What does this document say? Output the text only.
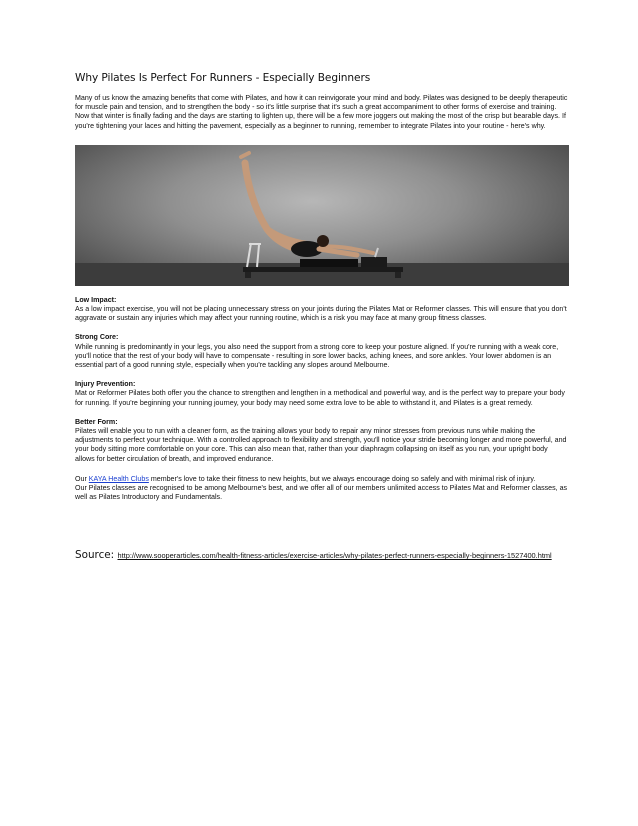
Why Pilates Is Perfect For Runners - Especially Beginners

Many of us know the amazing benefits that come with Pilates, and how it can reinvigorate your mind and body. Pilates was designed to be deeply therapeutic for muscle pain and tension, and to strengthen the body - so it's little surprise that it's such a great accompaniment to other forms of exercise and training.

Now that winter is finally fading and the days are starting to lighten up, there will be a few more joggers out making the most of the crisp but bearable days. If you're tightening your laces and hitting the pavement, especially as a beginner to running, remember to integrate Pilates into your routine - here's why.

Low Impact:

As a low impact exercise, you will not be placing unnecessary stress on your joints during the Pilates Mat or Reformer classes. This will ensure that you don't aggravate or sustain any injuries which may affect your running routine, which is a risk you may face at many group fitness classes.

Strong Core:

While running is predominantly in your legs, you also need the support from a strong core to keep your posture aligned. If you're running with a weak core, you'll notice that the rest of your body will have to compensate - resulting in sore lower backs, aching knees, and sore ankles. Your lower abdomen is an essential part of a good running style, especially when you're tackling any slopes around Melbourne.

Injury Prevention:

Mat or Reformer Pilates both offer you the chance to strengthen and lengthen in a methodical and powerful way, and is the perfect way to prepare your body for running. If you're beginning your running journey, your body may need some extra love to be able to withstand it, and Pilates is a great remedy.

Better Form:

Pilates will enable you to run with a cleaner form, as the training allows your body to repair any minor stresses from previous runs while making the adjustments to perfect your technique. With a controlled approach to flexibility and strength, you'll notice your stride becoming longer and more powerful, and your body sitting more comfortable on your core. This can also mean that, rather than your diaphragm collapsing on itself as you run, your upright body allows for better circulation of breath, and improved endurance.

Our KAYA Health Clubs member's love to take their fitness to new heights, but we always encourage doing so safely and with minimal risk of injury.

Our Pilates classes are recognised to be among Melbourne's best, and we offer all of our members unlimited access to Pilates Mat and Reformer classes, as well as Pilates Introductory and Fundamentals.

Source: http://www.sooperarticles.com/health-fitness-articles/exercise-articles/why-pilates-perfect-runners-especially-beginners-1527400.html
